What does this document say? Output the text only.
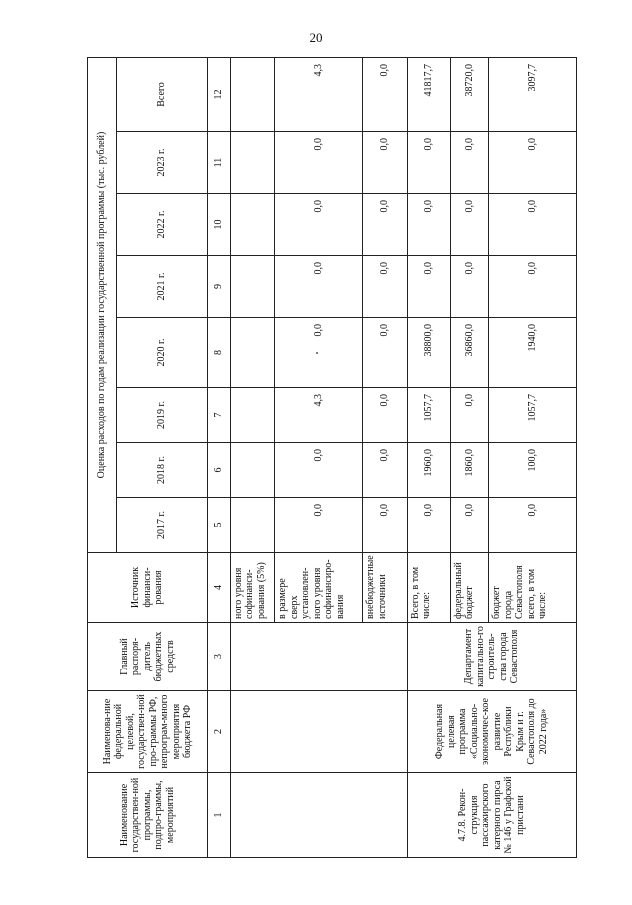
20
Наименование государствен-ной программы, подпро-граммы, мероприятий	Наименова-ние федеральной целевой, государствен-ной про-граммы РФ, непрограм-много мероприятия бюджета РФ	Главный распоря-дитель бюджетных средств	Источник финанси-рования	Оценка расходов по годам реализации государственной программы (тыс. рублей)							
				2017 г.	2018 г.	2019 г.	2020 г.	2021 г.	2022 г.	2023 г.	Всего
1	2	3	4	5	6	7	8	9	10	11	12
			ного уровня софинанси-рования (5%)								
			в размере сверх установлен-ного уровня софинансиро-вания	0,0	0,0	4,3	0,0	0,0	0,0	0,0	4,3
			внебюджетные источники	0,0	0,0	0,0	0,0	0,0	0,0	0,0	0,0
4.7.8. Рекон-струкция пассажирского катерного пирса № 146 у Графской пристани	Федеральная целевая программа «Социально-экономичес-кое развитие Республики Крым и г. Севастополя до 2022 года»	Департамент капитально-го строитель-ства города Севастополя	Всего, в том числе:	0,0	1960,0	1057,7	38800,0	0,0	0,0	0,0	41817,7
			федеральный бюджет	0,0	1860,0	0,0	36860,0	0,0	0,0	0,0	38720,0
			бюджет города Севастополя всего, в том числе:	0,0	100,0	1057,7	1940,0	0,0	0,0	0,0	3097,7
